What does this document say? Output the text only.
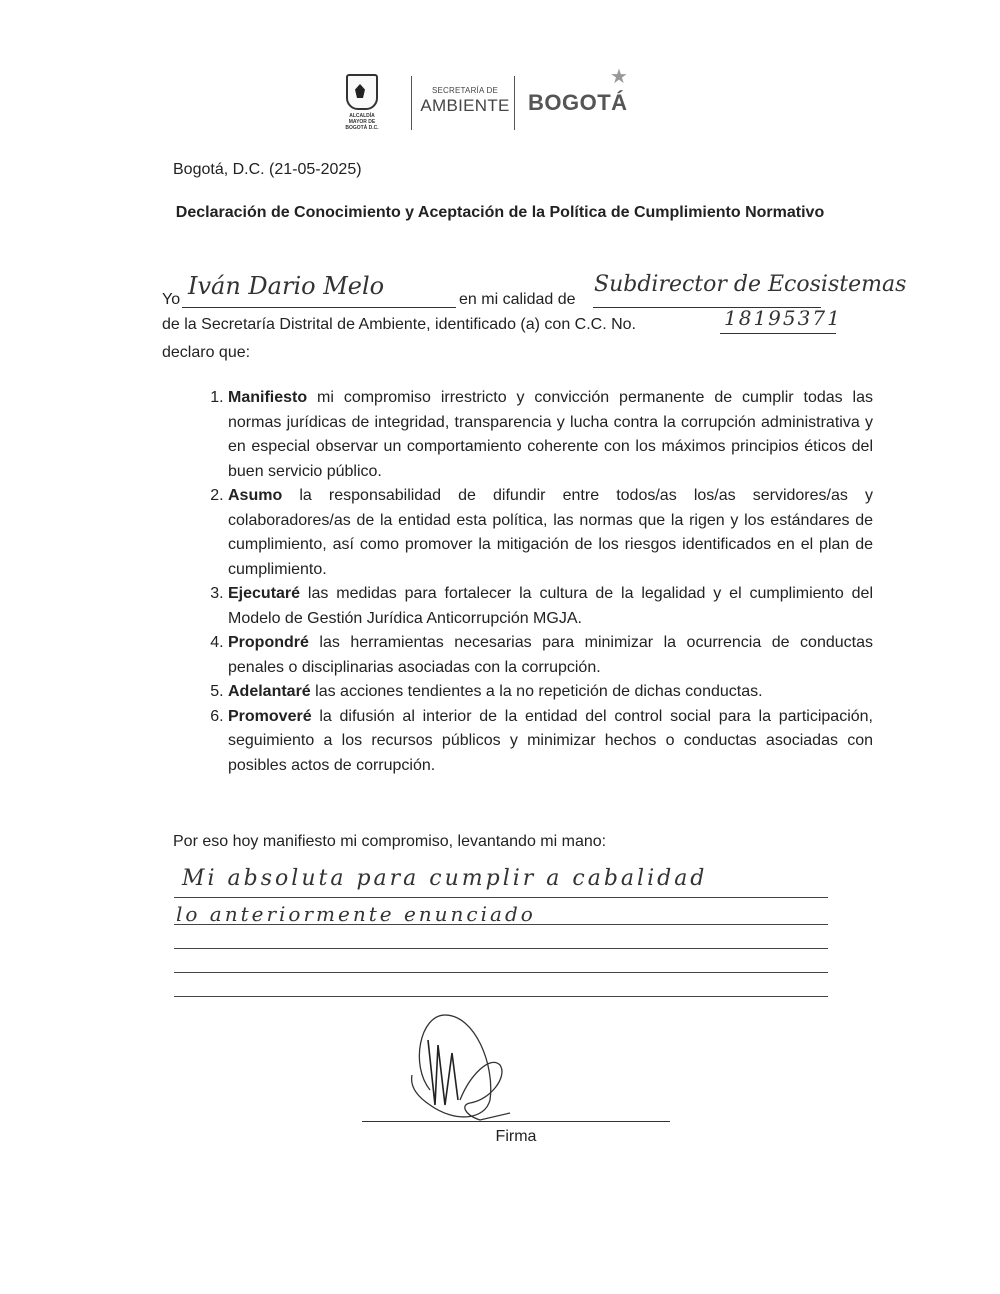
ALCALDÍA MAYOR DE BOGOTÁ D.C.
SECRETARÍA DE
AMBIENTE BOGOTÁ
★
Bogotá, D.C. (21-05-2025)
Declaración de Conocimiento y Aceptación de la Política de Cumplimiento Normativo
Yo Iván Dario Melo	en mi calidad de
Subdirector de Ecosistemas
de la Secretaría Distrital de Ambiente, identificado (a) con C.C. No.	18195371
declaro que:
1. Manifiesto mi compromiso irrestricto y convicción permanente de cumplir todas las normas jurídicas de integridad, transparencia y lucha contra la corrupción administrativa y en especial observar un comportamiento coherente con los máximos principios éticos del buen servicio público.
2. Asumo la responsabilidad de difundir entre todos/as los/as servidores/as y colaboradores/as de la entidad esta política, las normas que la rigen y los estándares de cumplimiento, así como promover la mitigación de los riesgos identificados en el plan de cumplimiento.
3. Ejecutaré las medidas para fortalecer la cultura de la legalidad y el cumplimiento del Modelo de Gestión Jurídica Anticorrupción MGJA.
4. Propondré las herramientas necesarias para minimizar la ocurrencia de conductas penales o disciplinarias asociadas con la corrupción.
5. Adelantaré las acciones tendientes a la no repetición de dichas conductas.
6. Promoveré la difusión al interior de la entidad del control social para la participación, seguimiento a los recursos públicos y minimizar hechos o conductas asociadas con posibles actos de corrupción.
Por eso hoy manifiesto mi compromiso, levantando mi mano:
Mi absoluta para cumplir a cabalidad
lo anteriormente enunciado
Firma
